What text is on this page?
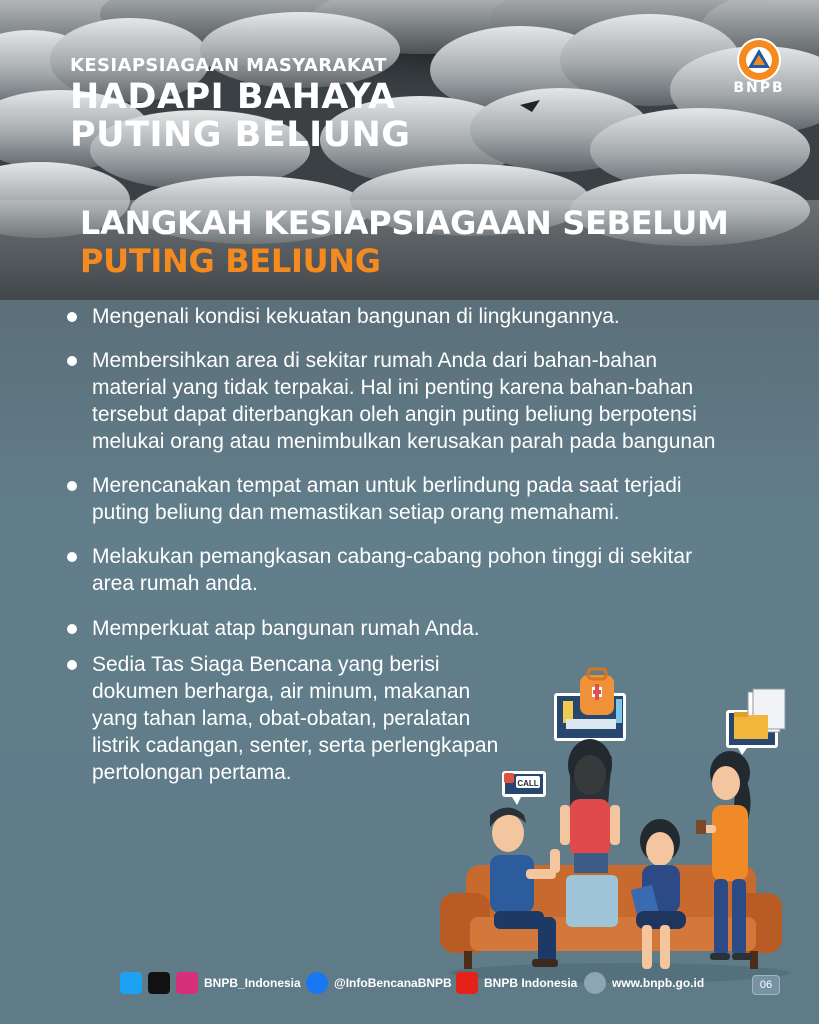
BNPB
KESIAPSIAGAAN MASYARAKAT
HADAPI BAHAYA
PUTING BELIUNG
LANGKAH KESIAPSIAGAAN SEBELUM
PUTING BELIUNG
Mengenali kondisi kekuatan bangunan di lingkungannya.
Membersihkan area di sekitar rumah Anda dari bahan-bahan
material yang tidak terpakai. Hal ini penting karena bahan-bahan
tersebut dapat diterbangkan oleh angin puting beliung berpotensi
melukai orang atau menimbulkan kerusakan parah pada bangunan
Merencanakan tempat aman untuk berlindung pada saat terjadi
puting beliung dan memastikan setiap orang memahami.
Melakukan pemangkasan cabang-cabang pohon tinggi di sekitar
area rumah anda.
Memperkuat atap bangunan rumah Anda.
Sedia Tas Siaga Bencana yang berisi
dokumen berharga, air minum, makanan
yang tahan lama, obat-obatan, peralatan
listrik cadangan, senter, serta perlengkapan
pertolongan pertama.	CALL
BNPB_Indonesia	@InfoBencanaBNPB	BNPB Indonesia	www.bnpb.go.id	06
